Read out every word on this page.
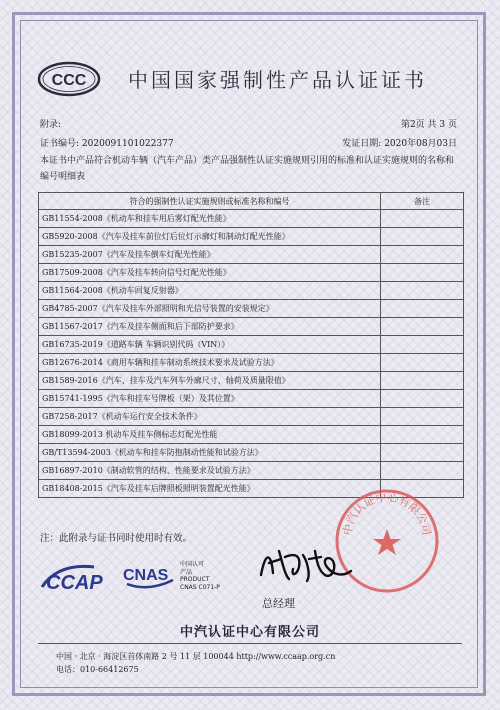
CCC 中国国家强制性产品认证证书
附录:	第2页 共 3 页
证书编号: 2020091101022377	发证日期: 2020年08月03日
本证书中产品符合机动车辆（汽车产品）类产品强制性认证实施规则引用的标准和认证实施规则的名称和编号明细表
符合的强制性认证实施规则或标准名称和编号	备注
GB11554-2008《机动车和挂车用后雾灯配光性能》	
GB5920-2008《汽车及挂车前位灯后位灯示廓灯和制动灯配光性能》	
GB15235-2007《汽车及挂车倒车灯配光性能》	
GB17509-2008《汽车及挂车转向信号灯配光性能》	
GB11564-2008《机动车回复反射器》	
GB4785-2007《汽车及挂车外部照明和光信号装置的安装规定》	
GB11567-2017《汽车及挂车侧面和后下部防护要求》	
GB16735-2019《道路车辆 车辆识别代码（VIN）》	
GB12676-2014《商用车辆和挂车制动系统技术要求及试验方法》	
GB1589-2016《汽车、挂车及汽车列车外廓尺寸、轴荷及质量限值》	
GB15741-1995《汽车和挂车号牌板（架）及其位置》	
GB7258-2017《机动车运行安全技术条件》	
GB18099-2013 机动车及挂车侧标志灯配光性能	
GB/T13594-2003《机动车和挂车防抱制动性能和试验方法》	
GB16897-2010《制动软管的结构、性能要求及试验方法》	
GB18408-2015《汽车及挂车后牌照板照明装置配光性能》	
注：此附录与证书同时使用时有效。
中汽认证中心有限公司
CCAP CNAS
中国认可
产品
PRODUCT
CNAS C071-P
总经理
中汽认证中心有限公司
中国 · 北京 · 海淀区首体南路 2 号 11 层 100044 http://www.ccaap.org.cn
电话：010-66412675
